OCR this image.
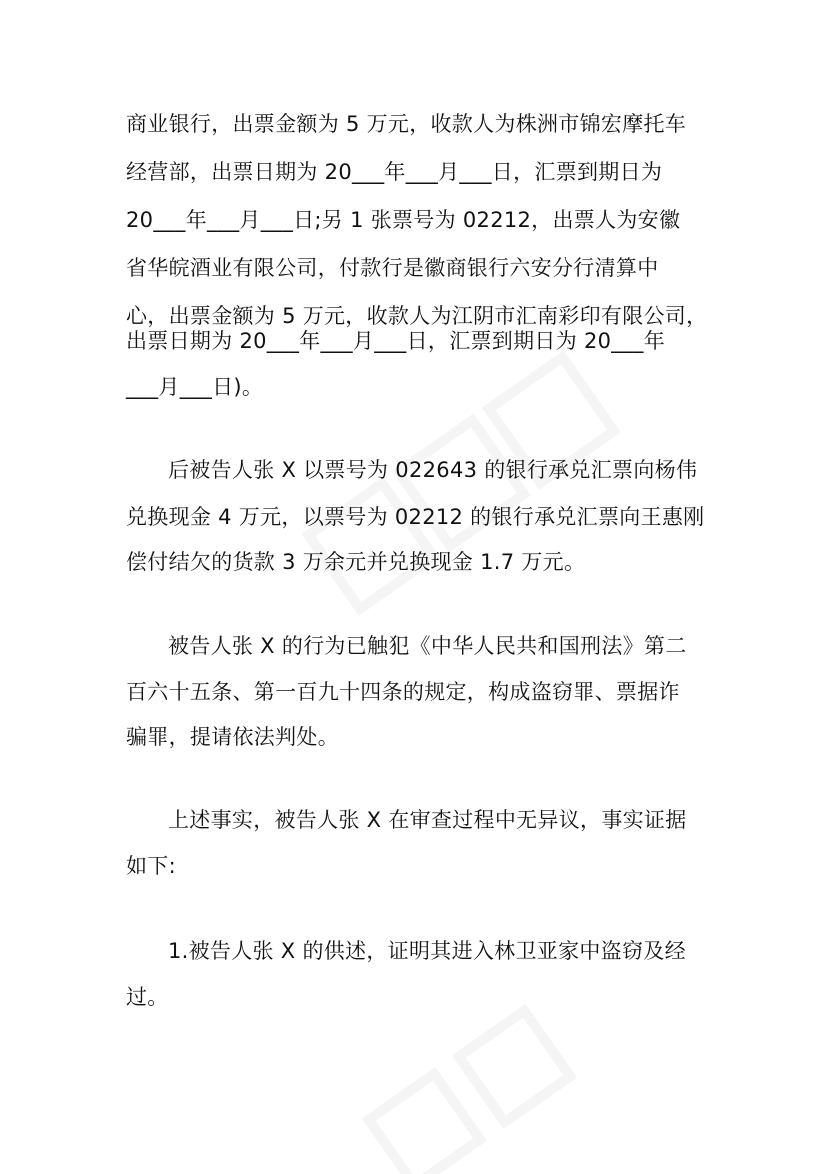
商业银行，出票金额为 5 万元，收款人为株洲市锦宏摩托车
经营部，出票日期为 20___年___月___日，汇票到期日为
20___年___月___日;另 1 张票号为 02212，出票人为安徽
省华皖酒业有限公司，付款行是徽商银行六安分行清算中
心，出票金额为 5 万元，收款人为江阴市汇南彩印有限公司，
出票日期为 20___年___月___日，汇票到期日为 20___年
___月___日)。
后被告人张 X 以票号为 022643 的银行承兑汇票向杨伟
兑换现金 4 万元，以票号为 02212 的银行承兑汇票向王惠刚
偿付结欠的货款 3 万余元并兑换现金 1.7 万元。
被告人张 X 的行为已触犯《中华人民共和国刑法》第二
百六十五条、第一百九十四条的规定，构成盗窃罪、票据诈
骗罪，提请依法判处。
上述事实，被告人张 X 在审查过程中无异议，事实证据
如下:
1.被告人张 X 的供述，证明其进入林卫亚家中盗窃及经
过。
